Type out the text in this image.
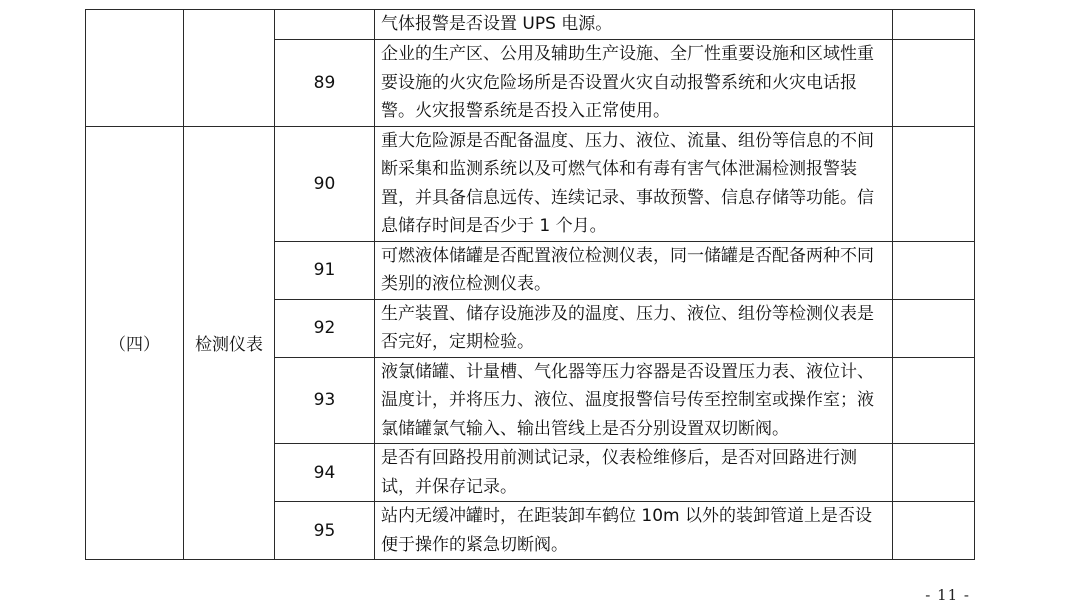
			气体报警是否设置 UPS 电源。	
		89	企业的生产区、公用及辅助生产设施、全厂性重要设施和区域性重要设施的火灾危险场所是否设置火灾自动报警系统和火灾电话报警。火灾报警系统是否投入正常使用。	
（四）	检测仪表	90	重大危险源是否配备温度、压力、液位、流量、组份等信息的不间断采集和监测系统以及可燃气体和有毒有害气体泄漏检测报警装置，并具备信息远传、连续记录、事故预警、信息存储等功能。信息储存时间是否少于 1 个月。	
		91	可燃液体储罐是否配置液位检测仪表，同一储罐是否配备两种不同类别的液位检测仪表。	
		92	生产装置、储存设施涉及的温度、压力、液位、组份等检测仪表是否完好，定期检验。	
		93	液氯储罐、计量槽、气化器等压力容器是否设置压力表、液位计、温度计，并将压力、液位、温度报警信号传至控制室或操作室；液氯储罐氯气输入、输出管线上是否分别设置双切断阀。	
		94	是否有回路投用前测试记录，仪表检维修后，是否对回路进行测试，并保存记录。	
		95	站内无缓冲罐时，在距装卸车鹤位 10m 以外的装卸管道上是否设便于操作的紧急切断阀。	
- 11 -
